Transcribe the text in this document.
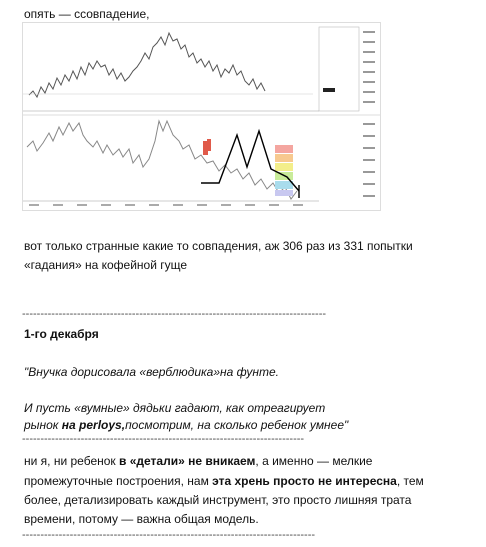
опять — ссовпадение,
вот только странные какие то совпадения, аж 306 раз из 331 попытки
«гадания» на кофейной гуще
-----------------------------------------------------------------------------------
1-го декабря
"Внучка дорисовала «верблюдика»на фунте.
И пусть «вумные» дядьки гадают, как отреагирует
рынок на perloys,посмотрим, на сколько ребенок умнее"
-----------------------------------------------------------------------------
ни я, ни ребенок в «детали» не вникаем, а именно — мелкие
промежуточные построения, нам эта хрень просто не интересна, тем
более, детализировать каждый инструмент, это просто лишняя трата
времени, потому — важна общая модель.
--------------------------------------------------------------------------------
